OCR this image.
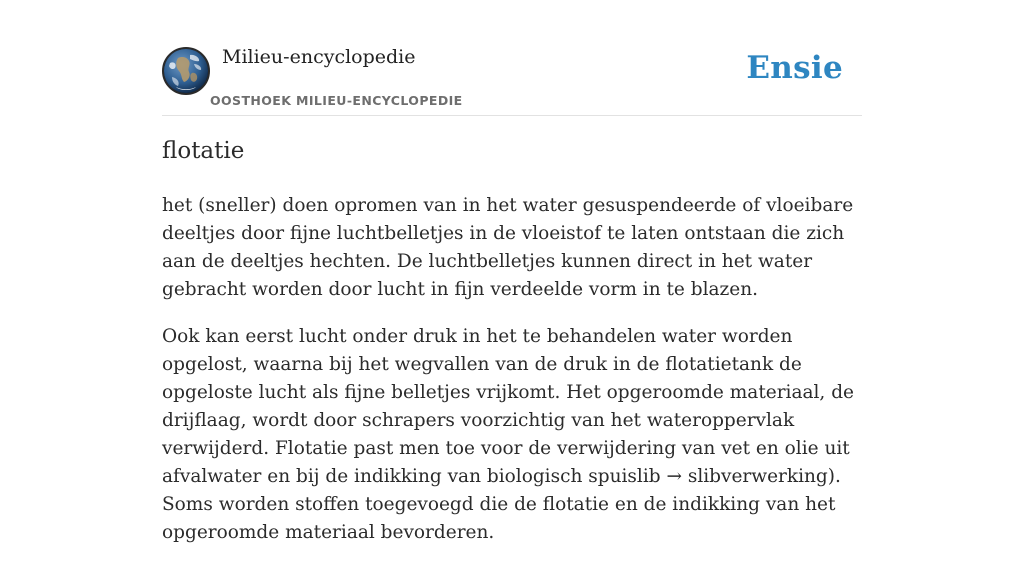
Milieu-encyclopedie
OOSTHOEK MILIEU-ENCYCLOPEDIE
Ensie
flotatie

het (sneller) doen opromen van in het water gesuspendeerde of vloeibare deeltjes door fijne luchtbelletjes in de vloeistof te laten ontstaan die zich aan de deeltjes hechten. De luchtbelletjes kunnen direct in het water gebracht worden door lucht in fijn verdeelde vorm in te blazen.

Ook kan eerst lucht onder druk in het te behandelen water worden opgelost, waarna bij het wegvallen van de druk in de flotatietank de opgeloste lucht als fijne belletjes vrijkomt. Het opgeroomde materiaal, de drijflaag, wordt door schrapers voorzichtig van het wateroppervlak verwijderd. Flotatie past men toe voor de verwijdering van vet en olie uit afvalwater en bij de indikking van biologisch spuislib → slibverwerking). Soms worden stoffen toegevoegd die de flotatie en de indikking van het opgeroomde materiaal bevorderen.
